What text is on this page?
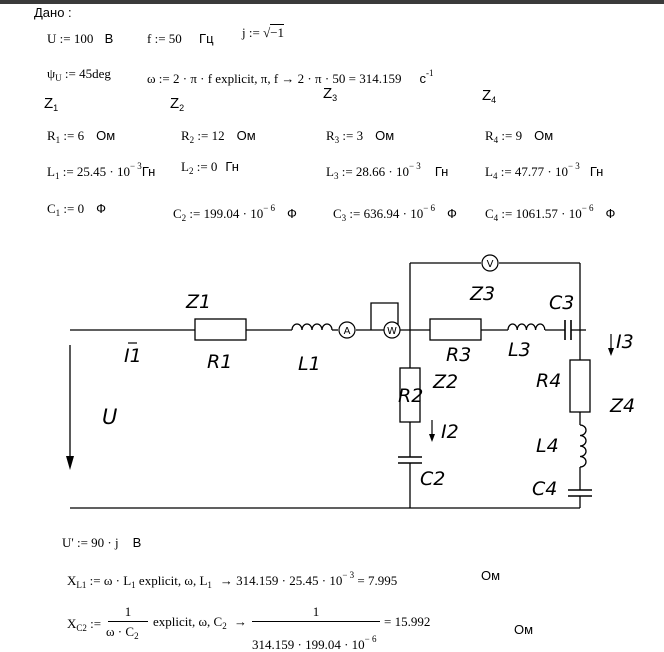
Дано :
U := 100 В	f := 50 Гц j := √−1
$\psi_U$ := 45deg	ω := 2 · π · f explicit, π, f → 2 · π · 50 = 314.159 $c^{-1}$
$Z_1$	$Z_2$
$Z_3$	$Z_4$
$R_1$ := 6 Ом	$R_2$ := 12 Ом	$R_3$ := 3 Ом	$R_4$ := 9 Ом
$L_1$ := $25.45 \cdot 10^{- 3}Гн$ $L_2$ := 0 Гн	$L_3$ := $28.66 \cdot 10^{- 3}$ Гн	$L_4$ := $47.77 \cdot 10^{- 3}$ Гн
$C_1$ := 0 Ф	$C_2$ := $199.04 \cdot 10^{- 6}$ Ф	$C_3$ := $636.94 \cdot 10^{- 6}$ Ф $C_4$ := $1061.57 \cdot 10^{- 6}$ Ф
A	W
V
Z1
R1	L1
I1
U
Z3	C3
R3 L3	I3
R4
Z4
L4
C4
R2
Z2
I2
C2
U' := 90 · j В
$X_{L1}$ := $\omega \cdot L_1$ explicit, ω, $L_1 \to 314.159 \cdot 25.45 \cdot 10^{- 3} = 7.995$	Ом
$X_{C2}$ :=
1
$\omega \cdot C_2$
explicit, ω, $C_2$ →
1
$314.159 \cdot 199.04 \cdot 10^{- 6}$
= 15.992
Ом
